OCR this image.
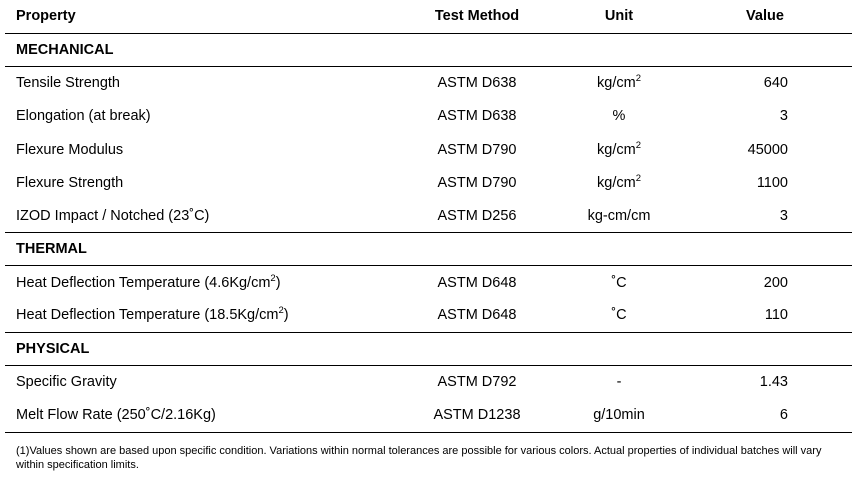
Property	Test Method	Unit	Value
MECHANICAL
Tensile Strength	ASTM D638	$kg/cm^2$	640
Elongation (at break)	ASTM D638	%	3
Flexure Modulus	ASTM D790	$kg/cm^2$	45000
Flexure Strength	ASTM D790	$kg/cm^2$	1100
IZOD Impact / Notched (23˚C)	ASTM D256	kg-cm/cm	3
THERMAL
Heat Deflection Temperature $(4.6Kg/cm^2)$	ASTM D648	˚C	200
Heat Deflection Temperature $(18.5Kg/cm^2)$	ASTM D648	˚C	110
PHYSICAL
Specific Gravity	ASTM D792	-	1.43
Melt Flow Rate (250˚C/2.16Kg)	ASTM D1238	g/10min	6
(1)Values shown are based upon specific condition. Variations within normal tolerances are possible for various colors. Actual properties of individual batches will vary within specification limits.
